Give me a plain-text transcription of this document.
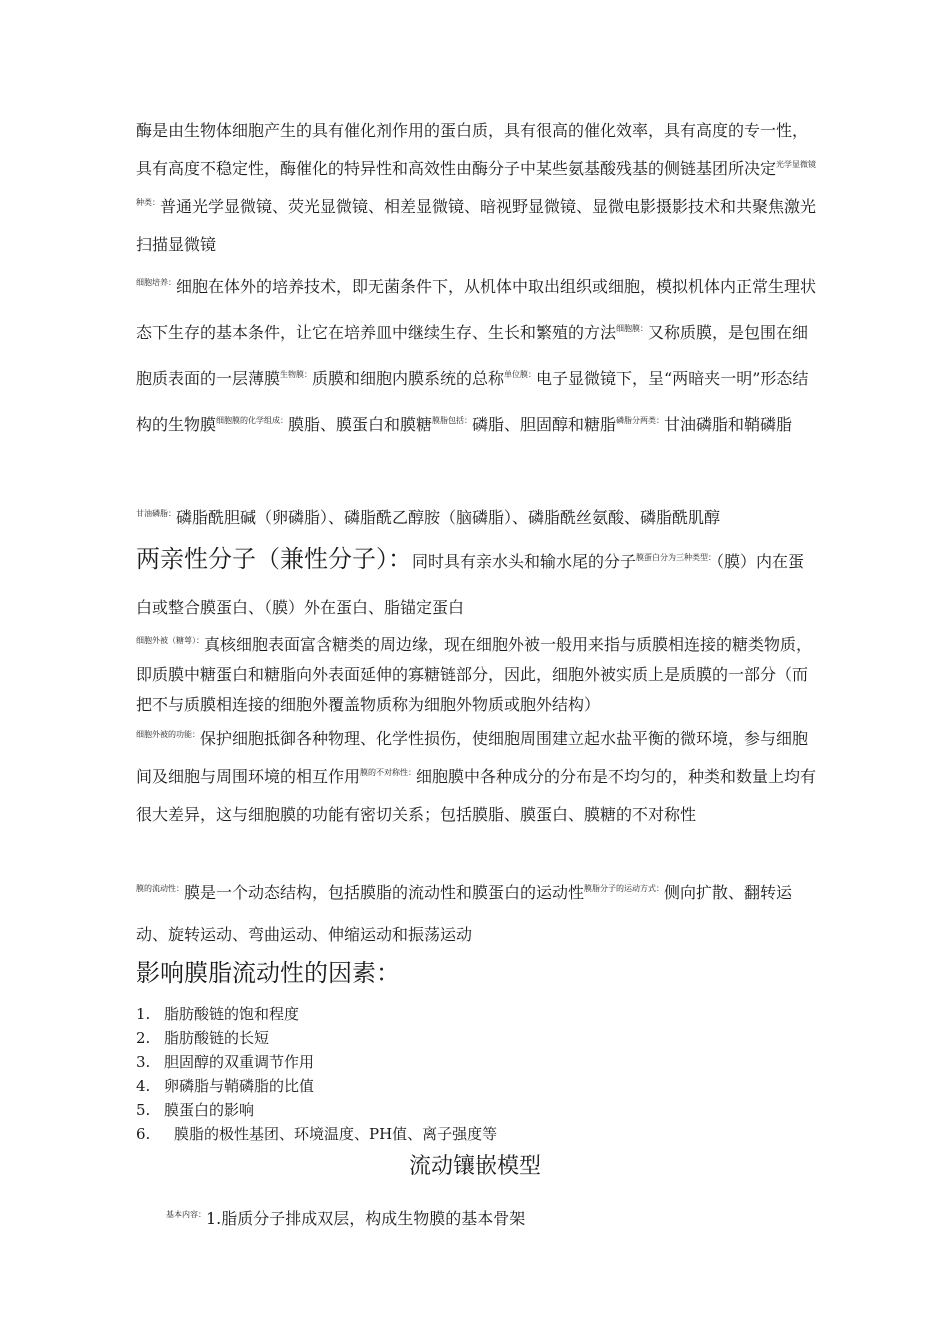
酶是由生物体细胞产生的具有催化剂作用的蛋白质，具有很高的催化效率，具有高度的专一性，具有高度不稳定性，酶催化的特异性和高效性由酶分子中某些氨基酸残基的侧链基团所决定$^{光学显微镜种类:}$普通光学显微镜、荧光显微镜、相差显微镜、暗视野显微镜、显微电影摄影技术和共聚焦激光扫描显微镜
$^{细胞培养:}$细胞在体外的培养技术，即无菌条件下，从机体中取出组织或细胞，模拟机体内正常生理状态下生存的基本条件，让它在培养皿中继续生存、生长和繁殖的方法$^{细胞膜:}$又称质膜，是包围在细胞质表面的一层薄膜$^{生物膜:}$质膜和细胞内膜系统的总称$^{单位膜:}$电子显微镜下，呈“两暗夹一明”形态结构的生物膜$^{细胞膜的化学组成:}$膜脂、膜蛋白和膜糖$^{膜脂包括:}$磷脂、胆固醇和糖脂$^{磷脂分两类:}$甘油磷脂和鞘磷脂
$^{甘油磷脂:}$磷脂酰胆碱（卵磷脂）、磷脂酰乙醇胺（脑磷脂）、磷脂酰丝氨酸、磷脂酰肌醇
两亲性分子（兼性分子）：同时具有亲水头和输水尾的分子$^{膜蛋白分为三种类型:}$（膜）内在蛋白或整合膜蛋白、（膜）外在蛋白、脂锚定蛋白
$^{细胞外被(糖萼):}$真核细胞表面富含糖类的周边缘，现在细胞外被一般用来指与质膜相连接的糖类物质，即质膜中糖蛋白和糖脂向外表面延伸的寡糖链部分，因此，细胞外被实质上是质膜的一部分（而把不与质膜相连接的细胞外覆盖物质称为细胞外物质或胞外结构）
$^{细胞外被的功能:}$保护细胞抵御各种物理、化学性损伤，使细胞周围建立起水盐平衡的微环境，参与细胞间及细胞与周围环境的相互作用$^{膜的不对称性:}$细胞膜中各种成分的分布是不均匀的，种类和数量上均有很大差异，这与细胞膜的功能有密切关系；包括膜脂、膜蛋白、膜糖的不对称性
$^{膜的流动性:}$膜是一个动态结构，包括膜脂的流动性和膜蛋白的运动性$^{膜脂分子的运动方式:}$侧向扩散、翻转运动、旋转运动、弯曲运动、伸缩运动和振荡运动
影响膜脂流动性的因素：
1. 脂肪酸链的饱和程度
2. 脂肪酸链的长短
3. 胆固醇的双重调节作用
4. 卵磷脂与鞘磷脂的比值
5. 膜蛋白的影响
6. 膜脂的极性基团、环境温度、PH值、离子强度等
流动镶嵌模型
$^{基本内容:}$1.脂质分子排成双层，构成生物膜的基本骨架
